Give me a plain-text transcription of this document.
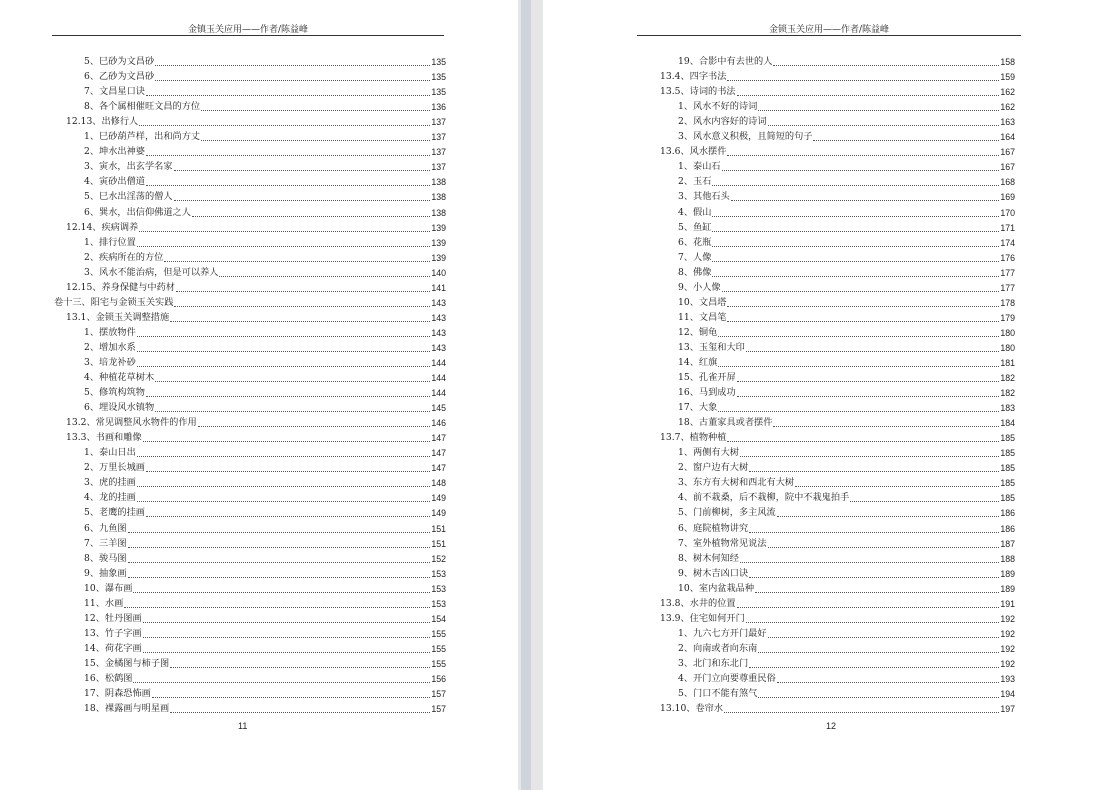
金镇玉关应用——作者/陈益峰
5、巳砂为文昌砂	135
6、乙砂为文昌砂	135
7、文昌星口诀	135
8、各个属相催旺文昌的方位	136
12.13、出修行人	137
1、巳砂葫芦样，出和尚方丈	137
2、坤水出神婆	137
3、寅水，出玄学名家	137
4、寅砂出僧道	138
5、巳水出淫荡的僧人	138
6、巽水，出信仰佛道之人	138
12.14、疾病调养	139
1、排行位置	139
2、疾病所在的方位	139
3、风水不能治病，但是可以养人	140
12.15、养身保健与中药材	141
卷十三、阳宅与金锁玉关实践	143
13.1、金锁玉关调整措施	143
1、摆放物件	143
2、增加水系	143
3、培龙补砂	144
4、种植花草树木	144
5、修筑构筑物	144
6、埋设风水镇物	145
13.2、常见调整风水物件的作用	146
13.3、书画和雕像	147
1、泰山日出	147
2、万里长城画	147
3、虎的挂画	148
4、龙的挂画	149
5、老鹰的挂画	149
6、九鱼图	151
7、三羊图	151
8、骏马图	152
9、抽象画	153
10、瀑布画	153
11、水画	153
12、牡丹图画	154
13、竹子字画	155
14、荷花字画	155
15、金橘图与柿子图	155
16、松鹤图	156
17、阴森恐怖画	157
18、裸露画与明星画	157
11
金锁玉关应用——作者/陈益峰
19、合影中有去世的人	158
13.4、四字书法	159
13.5、诗词的书法	162
1、风水不好的诗词	162
2、风水内容好的诗词	163
3、风水意义积极，且简短的句子	164
13.6、风水摆件	167
1、泰山石	167
2、玉石	168
3、其他石头	169
4、假山	170
5、鱼缸	171
6、花瓶	174
7、人像	176
8、佛像	177
9、小人像	177
10、文昌塔	178
11、文昌笔	179
12、铜龟	180
13、玉玺和大印	180
14、红旗	181
15、孔雀开屏	182
16、马到成功	182
17、大象	183
18、古董家具或者摆件	184
13.7、植物种植	185
1、两侧有大树	185
2、窗户边有大树	185
3、东方有大树和西北有大树	185
4、前不栽桑，后不栽柳，院中不栽鬼拍手	185
5、门前柳树，多主风流	186
6、庭院植物讲究	186
7、室外植物常见说法	187
8、树木何知经	188
9、树木吉凶口诀	189
10、室内盆栽品种	189
13.8、水井的位置	191
13.9、住宅如何开门	192
1、九六七方开门最好	192
2、向南或者向东南	192
3、北门和东北门	192
4、开门立向要尊重民俗	193
5、门口不能有煞气	194
13.10、卷帘水	197
12
